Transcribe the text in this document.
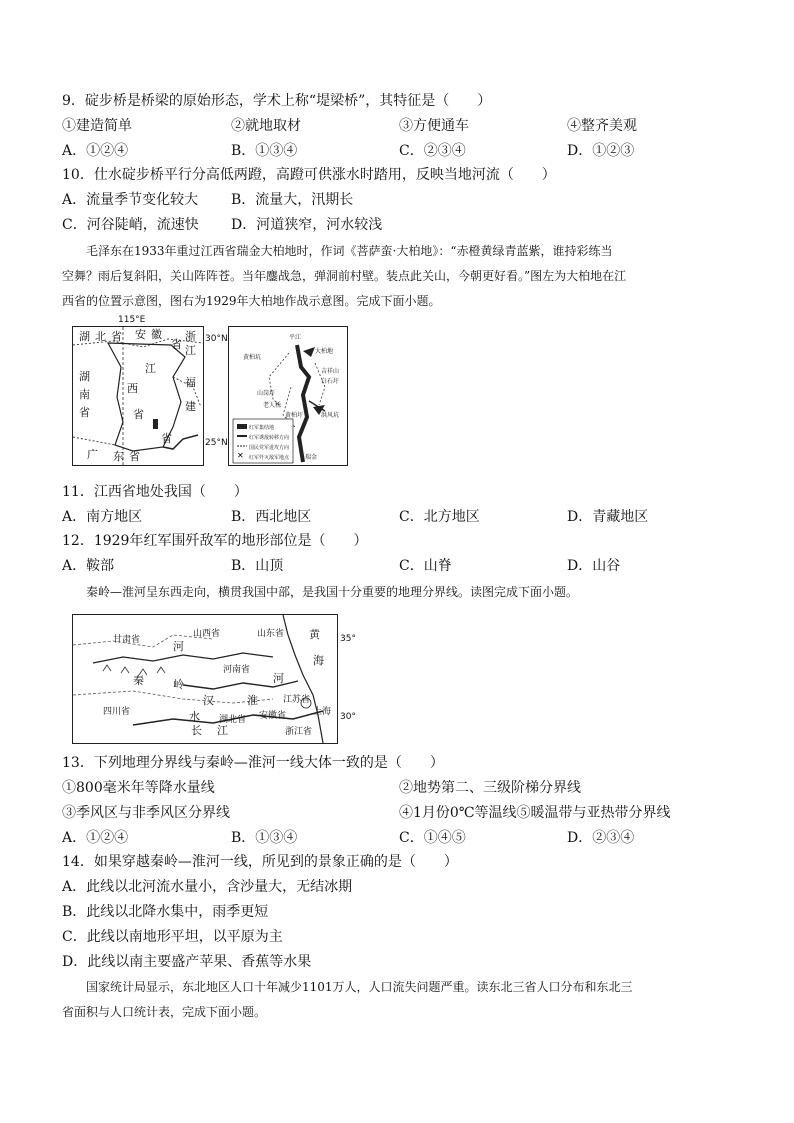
9．碇步桥是桥梁的原始形态，学术上称“堤梁桥”，其特征是（　　）
①建造简单	②就地取材	③方便通车	④整齐美观
A．①②④	B．①③④	C．②③④	D．①②③
10．仕水碇步桥平行分高低两蹬，高蹬可供涨水时踏用，反映当地河流（　　）
A．流量季节变化较大 B．流量大，汛期长
C．河谷陡峭，流速快 D．河道狭窄，河水较浅
毛泽东在1933年重过江西省瑞金大柏地时，作词《菩萨蛮·大柏地》：“赤橙黄绿青蓝紫，谁持彩练当
空舞？雨后复斜阳，关山阵阵苍。当年鏖战急，弹洞前村壁。装点此关山，今朝更好看。”图左为大柏地在江
西省的位置示意图，图右为1929年大柏地作战示意图。完成下面小题。
115°E
湖 北 省 安 徽 浙
江
省
湖
南
省
江
西
省
福
建
省
广 东 省
30°N
25°N
✕
平江
大柏地
吉祥山
白石圩
山岗圩
老人桥
黄柏坑
黄柏圩	洪风坑
瑞金
红军集结地
红军诱敌转移方向
国民党军进攻方向
红军歼灭敌军地点
11．江西省地处我国（　　）
A．南方地区	B．西北地区	C．北方地区	D．青藏地区
12．1929年红军围歼敌军的地形部位是（　　）
A．鞍部	B．山顶	C．山脊	D．山谷
秦岭—淮河呈东西走向，横贯我国中部，是我国十分重要的地理分界线。读图完成下面小题。
甘肃省
山西省	山东省 黄
海
河
秦	岭
河南省
汉	淮
河
江苏省
安徽省
水 湖北省
四川省
长 江
上海
浙江省
35°
30°
13．下列地理分界线与秦岭—淮河一线大体一致的是（　　）
①800毫米年等降水量线	②地势第二、三级阶梯分界线
③季风区与非季风区分界线	④1月份0℃等温线⑤暖温带与亚热带分界线
A．①②④	B．①③④	C．①④⑤	D．②③④
14．如果穿越秦岭—淮河一线，所见到的景象正确的是（　　）
A．此线以北河流水量小，含沙量大，无结冰期
B．此线以北降水集中，雨季更短
C．此线以南地形平坦，以平原为主
D．此线以南主要盛产苹果、香蕉等水果
国家统计局显示，东北地区人口十年减少1101万人，人口流失问题严重。读东北三省人口分布和东北三
省面积与人口统计表，完成下面小题。
